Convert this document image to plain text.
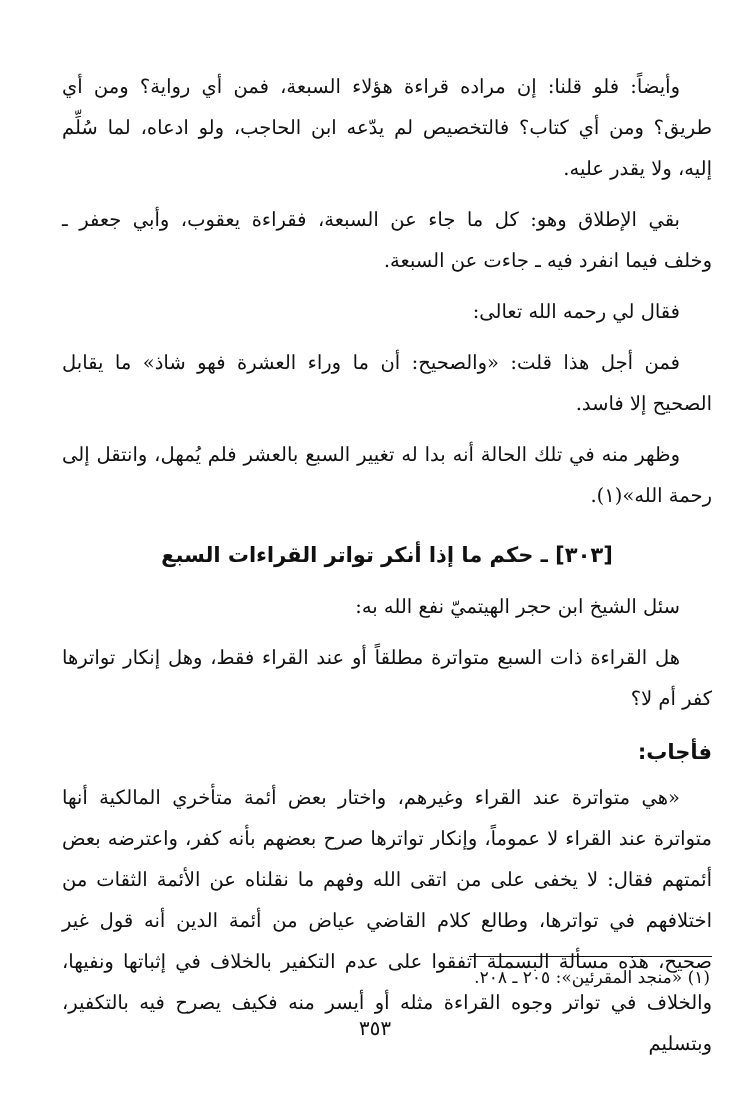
وأيضاً: فلو قلنا: إن مراده قراءة هؤلاء السبعة، فمن أي رواية؟ ومن أي
طريق؟ ومن أي كتاب؟ فالتخصيص لم يدّعه ابن الحاجب، ولو ادعاه، لما سُلِّم
إليه، ولا يقدر عليه.
بقي الإطلاق وهو: كل ما جاء عن السبعة، فقراءة يعقوب، وأبي جعفر ـ
وخلف فيما انفرد فيه ـ جاءت عن السبعة.
فقال لي رحمه الله تعالى:
فمن أجل هذا قلت: «والصحيح: أن ما وراء العشرة فهو شاذ» ما يقابل
الصحيح إلا فاسد.
وظهر منه في تلك الحالة أنه بدا له تغيير السبع بالعشر فلم يُمهل، وانتقل إلى
رحمة الله»(١).
[٣٠٣] ـ حكم ما إذا أنكر تواتر القراءات السبع
سئل الشيخ ابن حجر الهيتميّ نفع الله به:
هل القراءة ذات السبع متواترة مطلقاً أو عند القراء فقط، وهل إنكار تواترها
كفر أم لا؟
فأجاب:
«هي متواترة عند القراء وغيرهم، واختار بعض أئمة متأخري المالكية أنها
متواترة عند القراء لا عموماً، وإنكار تواترها صرح بعضهم بأنه كفر، واعترضه بعض
أئمتهم فقال: لا يخفى على من اتقى الله وفهم ما نقلناه عن الأئمة الثقات من
اختلافهم في تواترها، وطالع كلام القاضي عياض من أئمة الدين أنه قول غير
صحيح، هذه مسألة البسملة اتفقوا على عدم التكفير بالخلاف في إثباتها ونفيها،
والخلاف في تواتر وجوه القراءة مثله أو أيسر منه فكيف يصرح فيه بالتكفير، وبتسليم
(١) «منجد المقرئين»: ٢٠٥ ـ ٢٠٨.
٣٥٣
